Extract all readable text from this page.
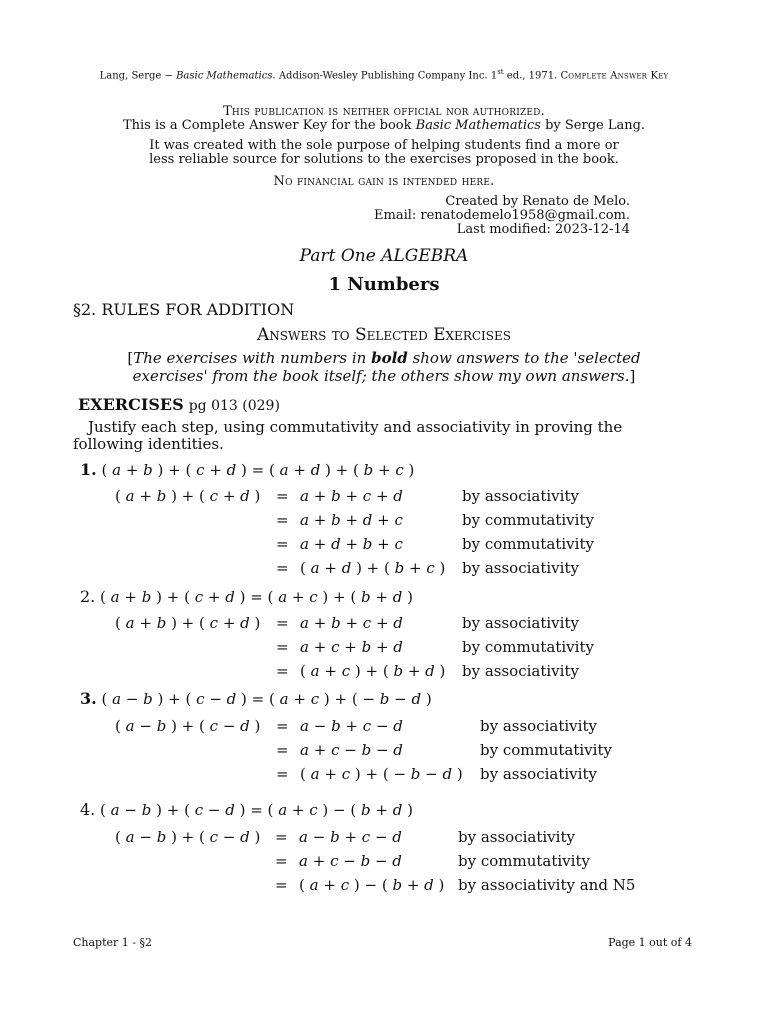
Lang, Serge − Basic Mathematics. Addison-Wesley Publishing Company Inc. 1st ed., 1971. Complete Answer Key
This publication is neither official nor authorized.
This is a Complete Answer Key for the book Basic Mathematics by Serge Lang.
It was created with the sole purpose of helping students find a more or
less reliable source for solutions to the exercises proposed in the book.
No financial gain is intended here.
Created by Renato de Melo.
Email: renatodemelo1958@gmail.com.
Last modified: 2023-12-14
Part One ALGEBRA
1 Numbers
§2. RULES FOR ADDITION
Answers to Selected Exercises
[The exercises with numbers in bold show answers to the 'selected
exercises' from the book itself; the others show my own answers.]
EXERCISES pg 013 (029)
Justify each step, using commutativity and associativity in proving the
following identities.
1. ( a + b ) + ( c + d ) = ( a + d ) + ( b + c )
( a + b ) + ( c + d ) = a + b + c + d	by associativity
= a + b + d + c	by commutativity
= a + d + b + c	by commutativity
= ( a + d ) + ( b + c ) by associativity
2. ( a + b ) + ( c + d ) = ( a + c ) + ( b + d )
( a + b ) + ( c + d ) = a + b + c + d	by associativity
= a + c + b + d	by commutativity
= ( a + c ) + ( b + d ) by associativity
3. ( a − b ) + ( c − d ) = ( a + c ) + ( − b − d )
( a − b ) + ( c − d ) = a − b + c − d	by associativity
= a + c − b − d	by commutativity
= ( a + c ) + ( − b − d ) by associativity
4. ( a − b ) + ( c − d ) = ( a + c ) − ( b + d )
( a − b ) + ( c − d ) = a − b + c − d	by associativity
= a + c − b − d	by commutativity
= ( a + c ) − ( b + d ) by associativity and N5
Chapter 1 - §2	Page 1 out of 4
